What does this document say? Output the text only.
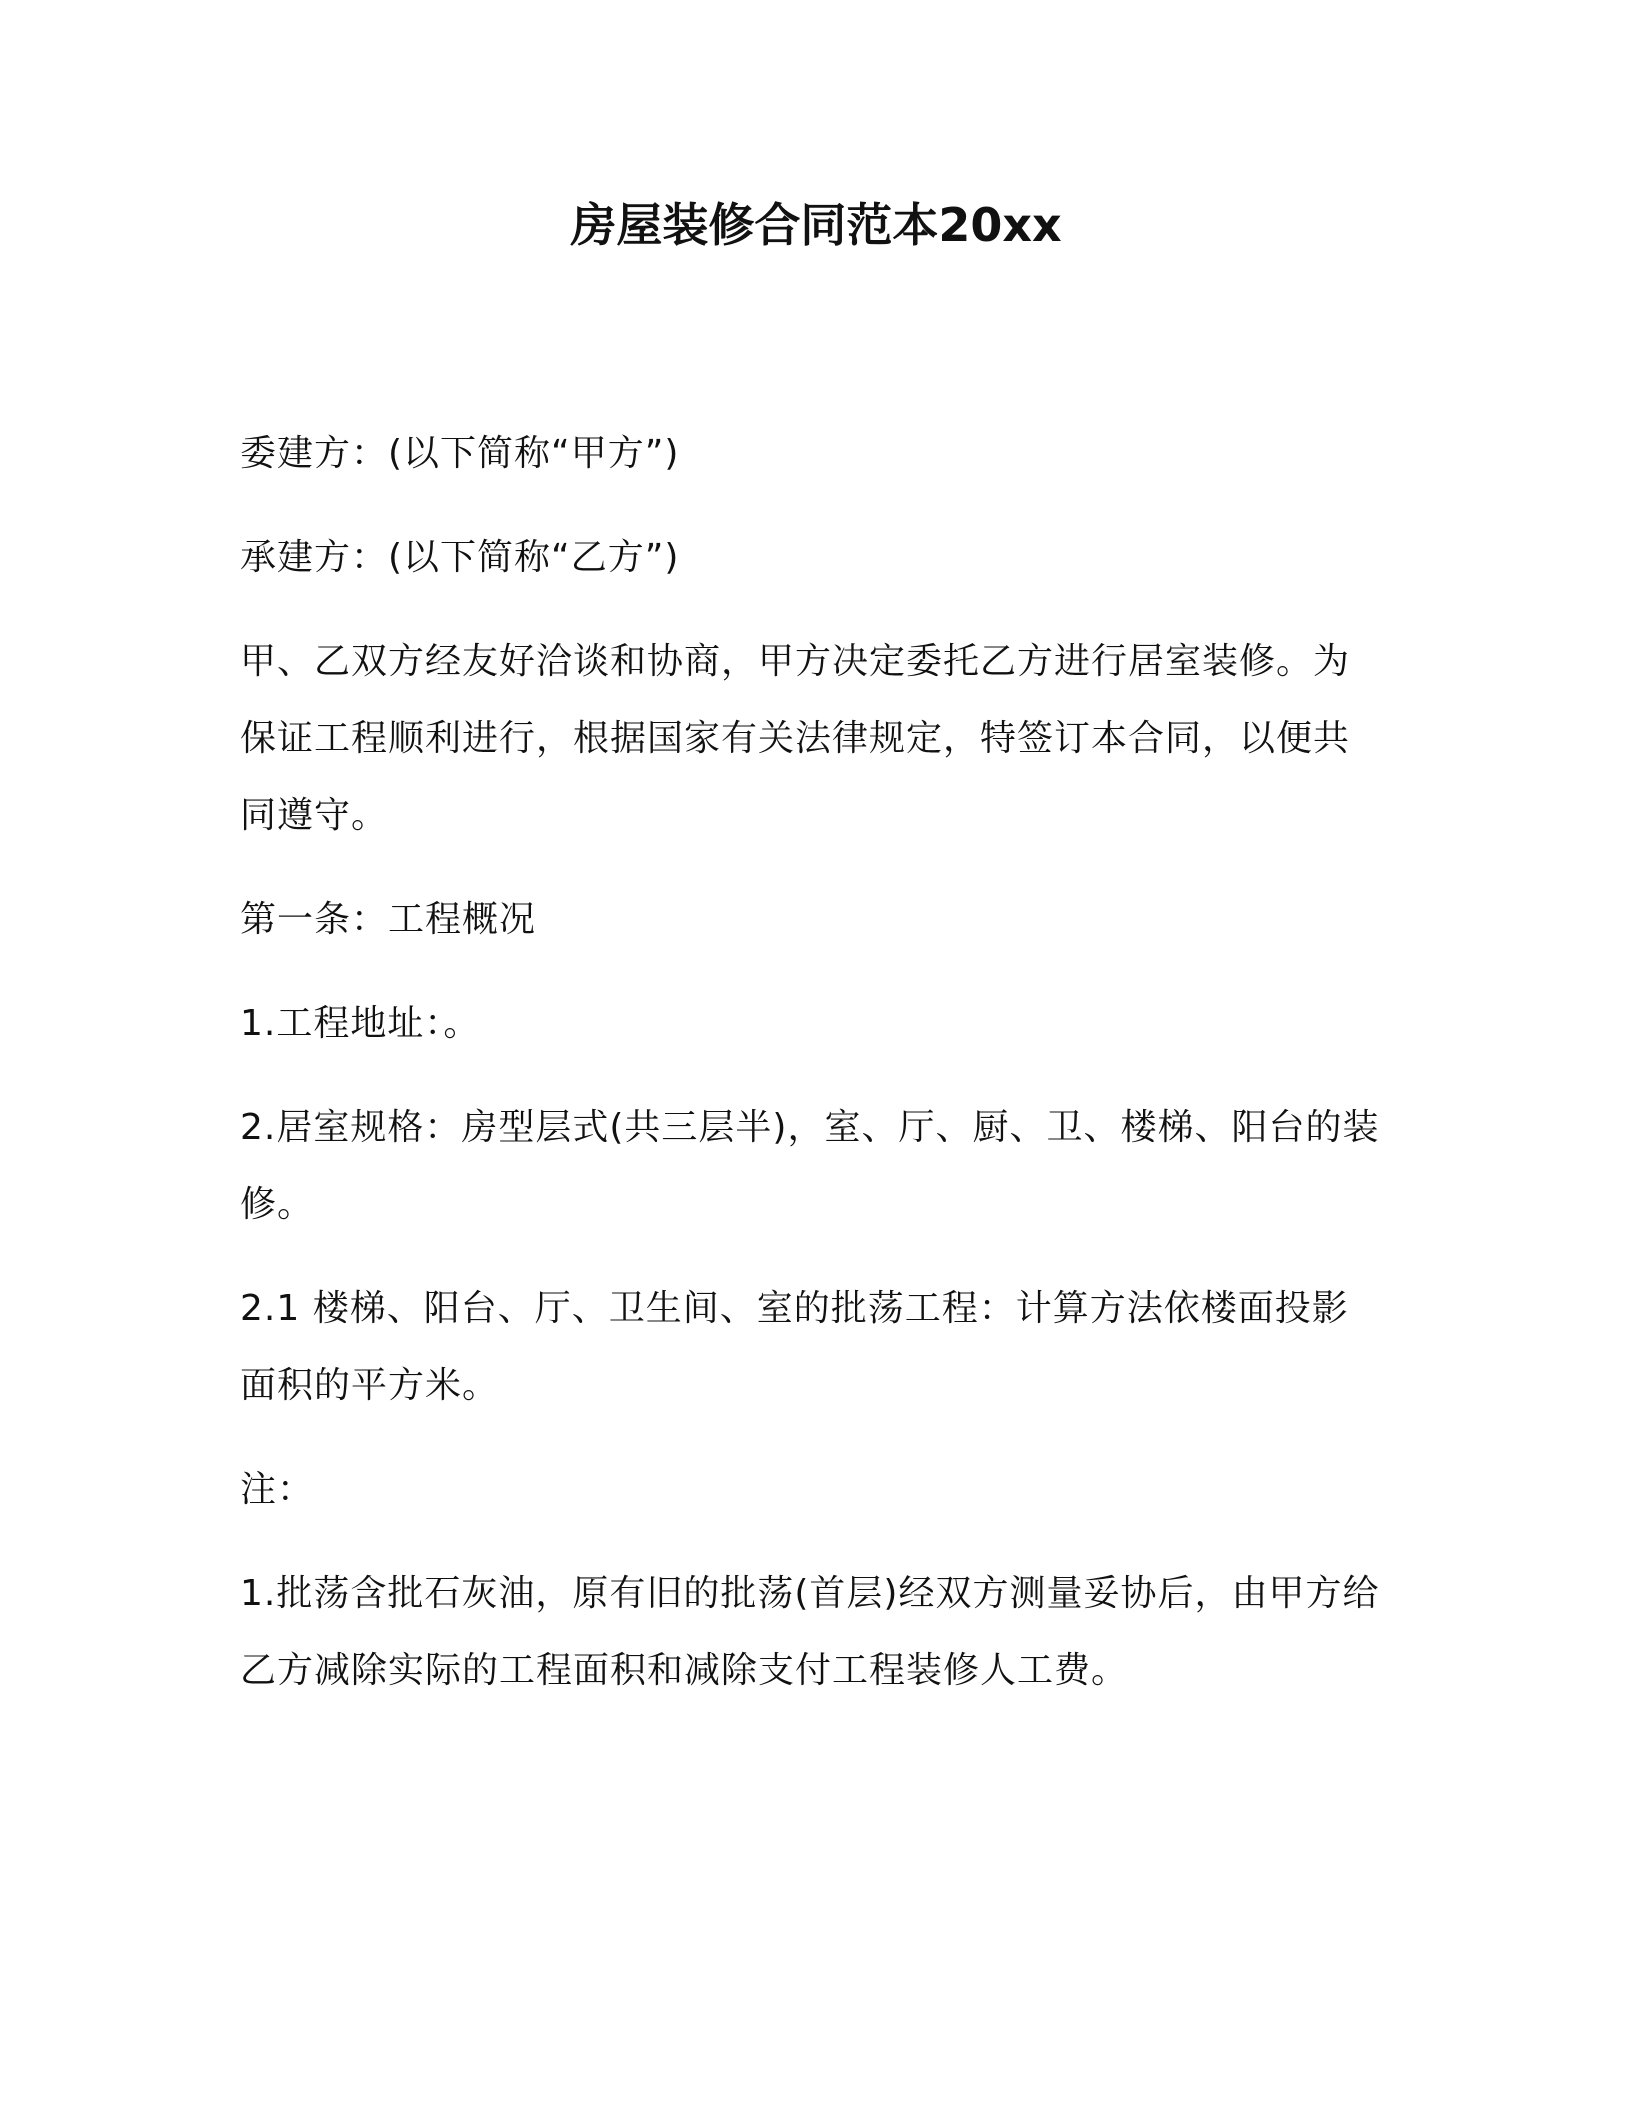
房屋装修合同范本20xx

委建方：(以下简称“甲方”)

承建方：(以下简称“乙方”)

甲、乙双方经友好洽谈和协商，甲方决定委托乙方进行居室装修。为保证工程顺利进行，根据国家有关法律规定，特签订本合同，以便共同遵守。

第一条：工程概况

1.工程地址：。

2.居室规格：房型层式(共三层半)，室、厅、厨、卫、楼梯、阳台的装修。

2.1 楼梯、阳台、厅、卫生间、室的批荡工程：计算方法依楼面投影面积的平方米。

注：

1.批荡含批石灰油，原有旧的批荡(首层)经双方测量妥协后，由甲方给乙方减除实际的工程面积和减除支付工程装修人工费。
